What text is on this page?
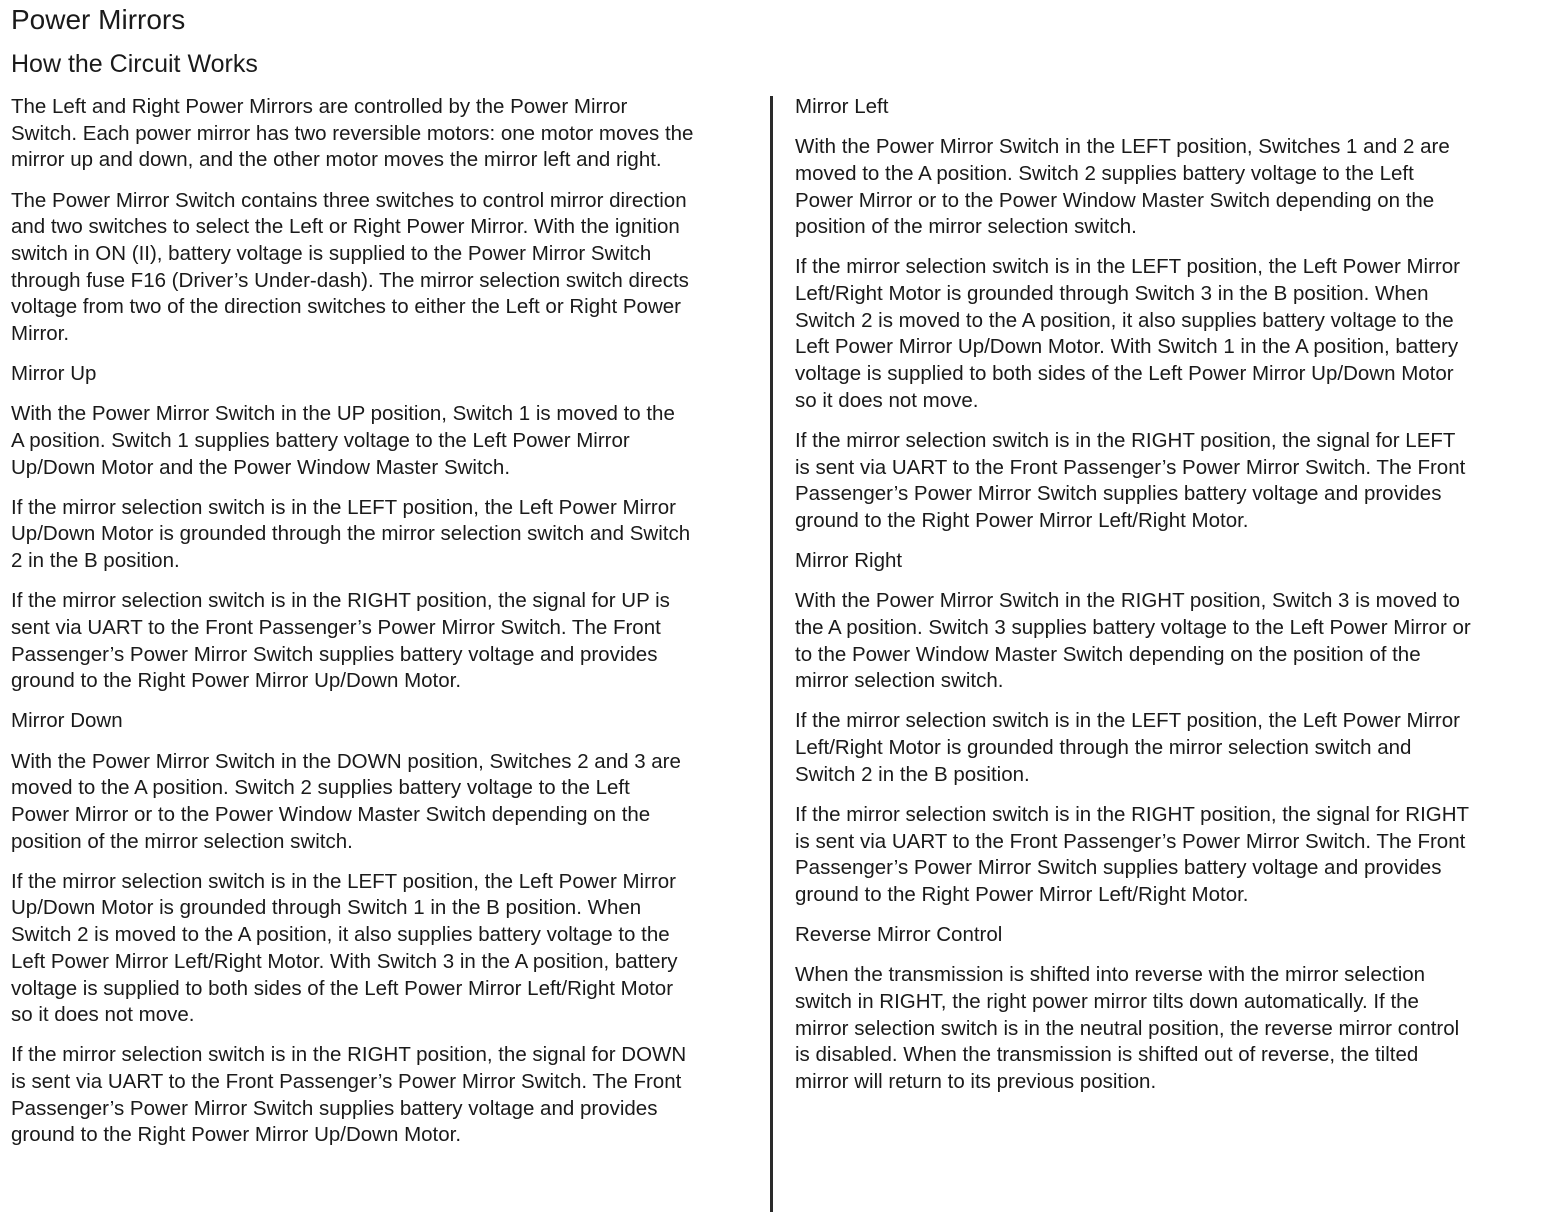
Power Mirrors
How the Circuit Works
The Left and Right Power Mirrors are controlled by the Power Mirror
Switch. Each power mirror has two reversible motors: one motor moves the
mirror up and down, and the other motor moves the mirror left and right.
The Power Mirror Switch contains three switches to control mirror direction
and two switches to select the Left or Right Power Mirror. With the ignition
switch in ON (II), battery voltage is supplied to the Power Mirror Switch
through fuse F16 (Driver’s Under-dash). The mirror selection switch directs
voltage from two of the direction switches to either the Left or Right Power
Mirror.
Mirror Up
With the Power Mirror Switch in the UP position, Switch 1 is moved to the
A position. Switch 1 supplies battery voltage to the Left Power Mirror
Up/Down Motor and the Power Window Master Switch.
If the mirror selection switch is in the LEFT position, the Left Power Mirror
Up/Down Motor is grounded through the mirror selection switch and Switch
2 in the B position.
If the mirror selection switch is in the RIGHT position, the signal for UP is
sent via UART to the Front Passenger’s Power Mirror Switch. The Front
Passenger’s Power Mirror Switch supplies battery voltage and provides
ground to the Right Power Mirror Up/Down Motor.
Mirror Down
With the Power Mirror Switch in the DOWN position, Switches 2 and 3 are
moved to the A position. Switch 2 supplies battery voltage to the Left
Power Mirror or to the Power Window Master Switch depending on the
position of the mirror selection switch.
If the mirror selection switch is in the LEFT position, the Left Power Mirror
Up/Down Motor is grounded through Switch 1 in the B position. When
Switch 2 is moved to the A position, it also supplies battery voltage to the
Left Power Mirror Left/Right Motor. With Switch 3 in the A position, battery
voltage is supplied to both sides of the Left Power Mirror Left/Right Motor
so it does not move.
If the mirror selection switch is in the RIGHT position, the signal for DOWN
is sent via UART to the Front Passenger’s Power Mirror Switch. The Front
Passenger’s Power Mirror Switch supplies battery voltage and provides
ground to the Right Power Mirror Up/Down Motor.
Mirror Left
With the Power Mirror Switch in the LEFT position, Switches 1 and 2 are
moved to the A position. Switch 2 supplies battery voltage to the Left
Power Mirror or to the Power Window Master Switch depending on the
position of the mirror selection switch.
If the mirror selection switch is in the LEFT position, the Left Power Mirror
Left/Right Motor is grounded through Switch 3 in the B position. When
Switch 2 is moved to the A position, it also supplies battery voltage to the
Left Power Mirror Up/Down Motor. With Switch 1 in the A position, battery
voltage is supplied to both sides of the Left Power Mirror Up/Down Motor
so it does not move.
If the mirror selection switch is in the RIGHT position, the signal for LEFT
is sent via UART to the Front Passenger’s Power Mirror Switch. The Front
Passenger’s Power Mirror Switch supplies battery voltage and provides
ground to the Right Power Mirror Left/Right Motor.
Mirror Right
With the Power Mirror Switch in the RIGHT position, Switch 3 is moved to
the A position. Switch 3 supplies battery voltage to the Left Power Mirror or
to the Power Window Master Switch depending on the position of the
mirror selection switch.
If the mirror selection switch is in the LEFT position, the Left Power Mirror
Left/Right Motor is grounded through the mirror selection switch and
Switch 2 in the B position.
If the mirror selection switch is in the RIGHT position, the signal for RIGHT
is sent via UART to the Front Passenger’s Power Mirror Switch. The Front
Passenger’s Power Mirror Switch supplies battery voltage and provides
ground to the Right Power Mirror Left/Right Motor.
Reverse Mirror Control
When the transmission is shifted into reverse with the mirror selection
switch in RIGHT, the right power mirror tilts down automatically. If the
mirror selection switch is in the neutral position, the reverse mirror control
is disabled. When the transmission is shifted out of reverse, the tilted
mirror will return to its previous position.
